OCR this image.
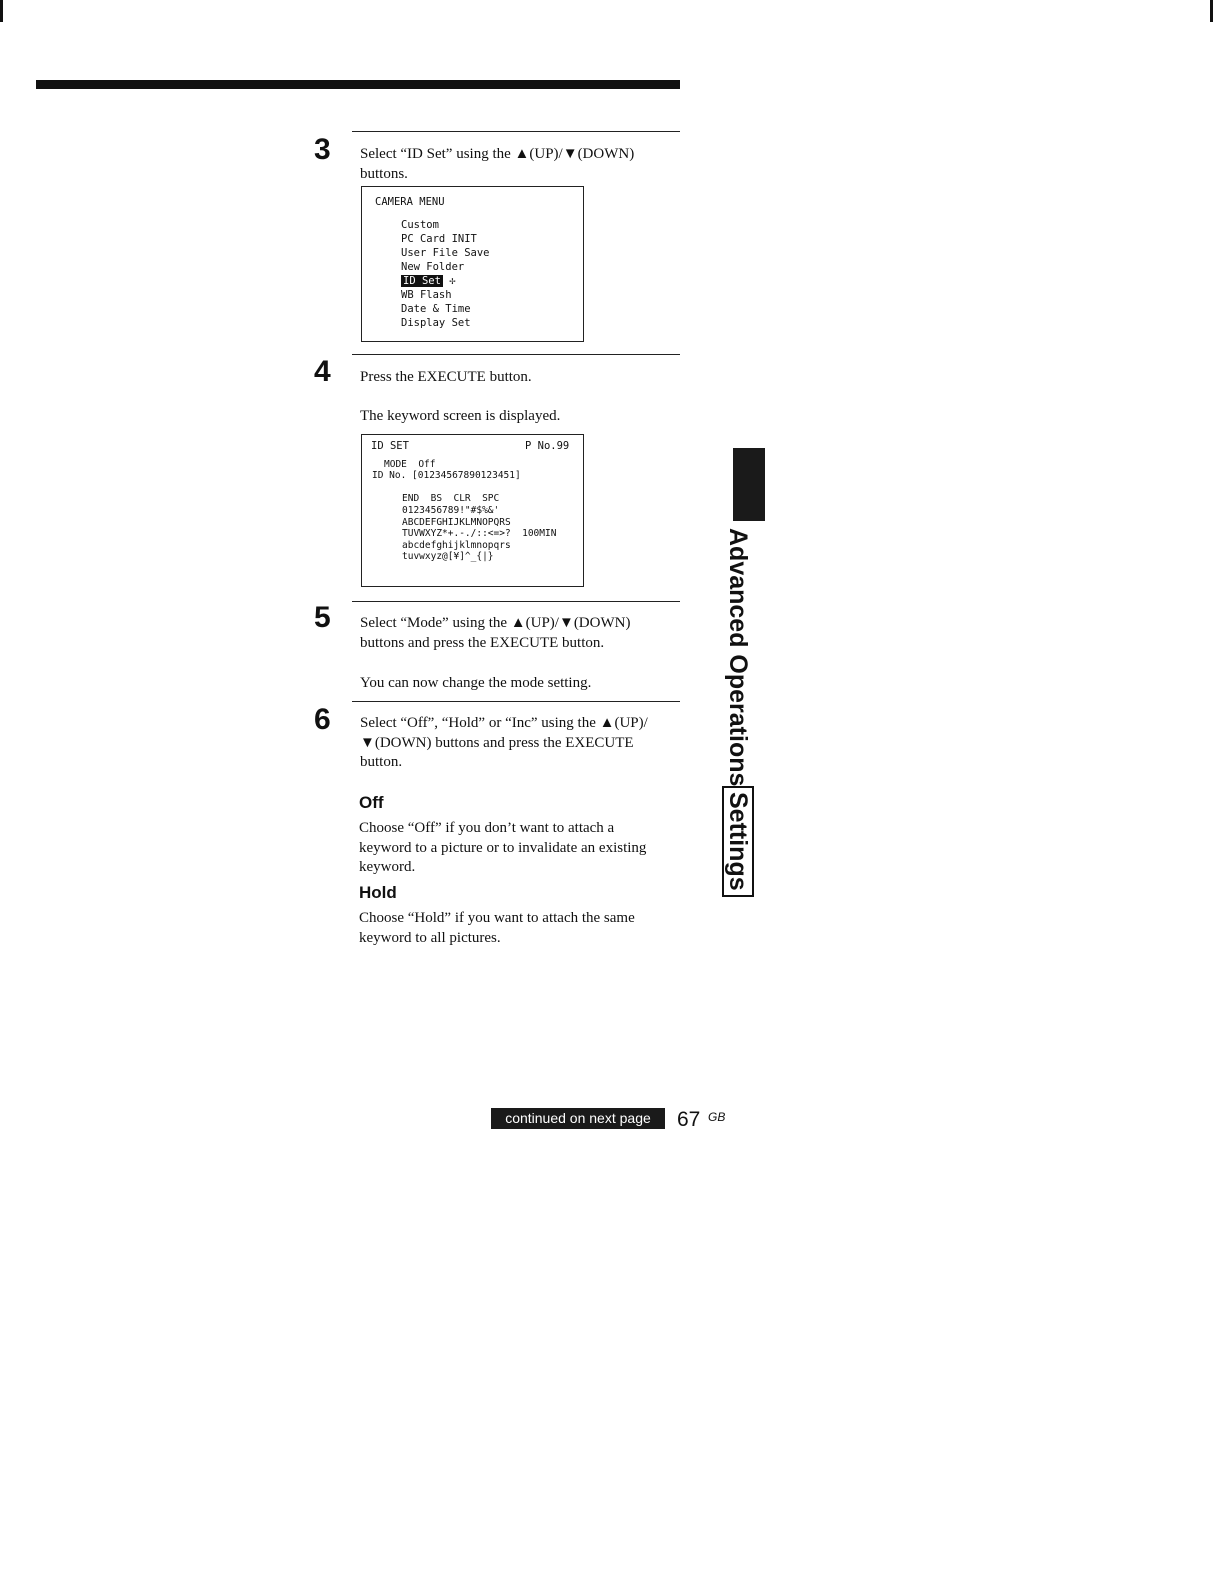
3	Select “ID Set” using the ▲(UP)/▼(DOWN)
buttons.
CAMERA MENU
Custom
PC Card INIT
User File Save
New Folder
ID Set ✢
WB Flash
Date & Time
Display Set
4	Press the EXECUTE button.
The keyword screen is displayed.
ID SET	P No.99
MODE  Off
ID No. [01234567890123451]
END  BS  CLR  SPC
0123456789!"#$%&'
ABCDEFGHIJKLMNOPQRS
TUVWXYZ*+.-./::<=>?  100MIN
abcdefghijklmnopqrs
tuvwxyz@[¥]^_{|}
5	Select “Mode” using the ▲(UP)/▼(DOWN)
buttons and press the EXECUTE button.
You can now change the mode setting.
6	Select “Off”, “Hold” or “Inc” using the ▲(UP)/
▼(DOWN) buttons and press the EXECUTE
button.
Off
Choose “Off” if you don’t want to attach a
keyword to a picture or to invalidate an existing
keyword.
Hold
Choose “Hold” if you want to attach the same
keyword to all pictures.
Advanced OperationsSettings
continued on next page	67 GB
